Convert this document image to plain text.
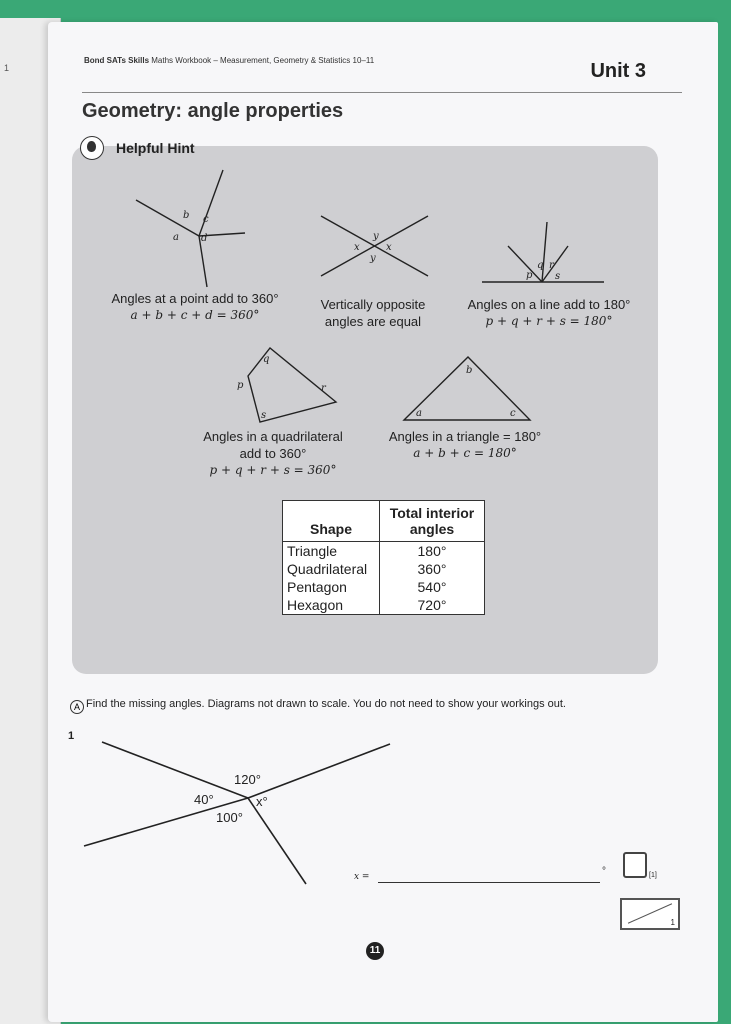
1
Bond SATs Skills Maths Workbook – Measurement, Geometry & Statistics 10–11	Unit 3
Geometry: angle properties
Helpful Hint
b c
a d	y
x	x
y
q r
p s
Angles at a point add to 360°
a + b + c + d = 360°
Vertically opposite
angles are equal
Angles on a line add to 180°
p + q + r + s = 180°
q
p	r
s
b
a	c
Angles in a quadrilateral
add to 360°
p + q + r + s = 360°
Angles in a triangle = 180°
a + b + c = 180°
Shape	Total interior angles
Triangle	180°
Quadrilateral	360°
Pentagon	540°
Hexagon	720°
A Find the missing angles. Diagrams not drawn to scale. You do not need to show your workings out.
1
120°
40°	x°
100°
x =	°	[1]
1
11
